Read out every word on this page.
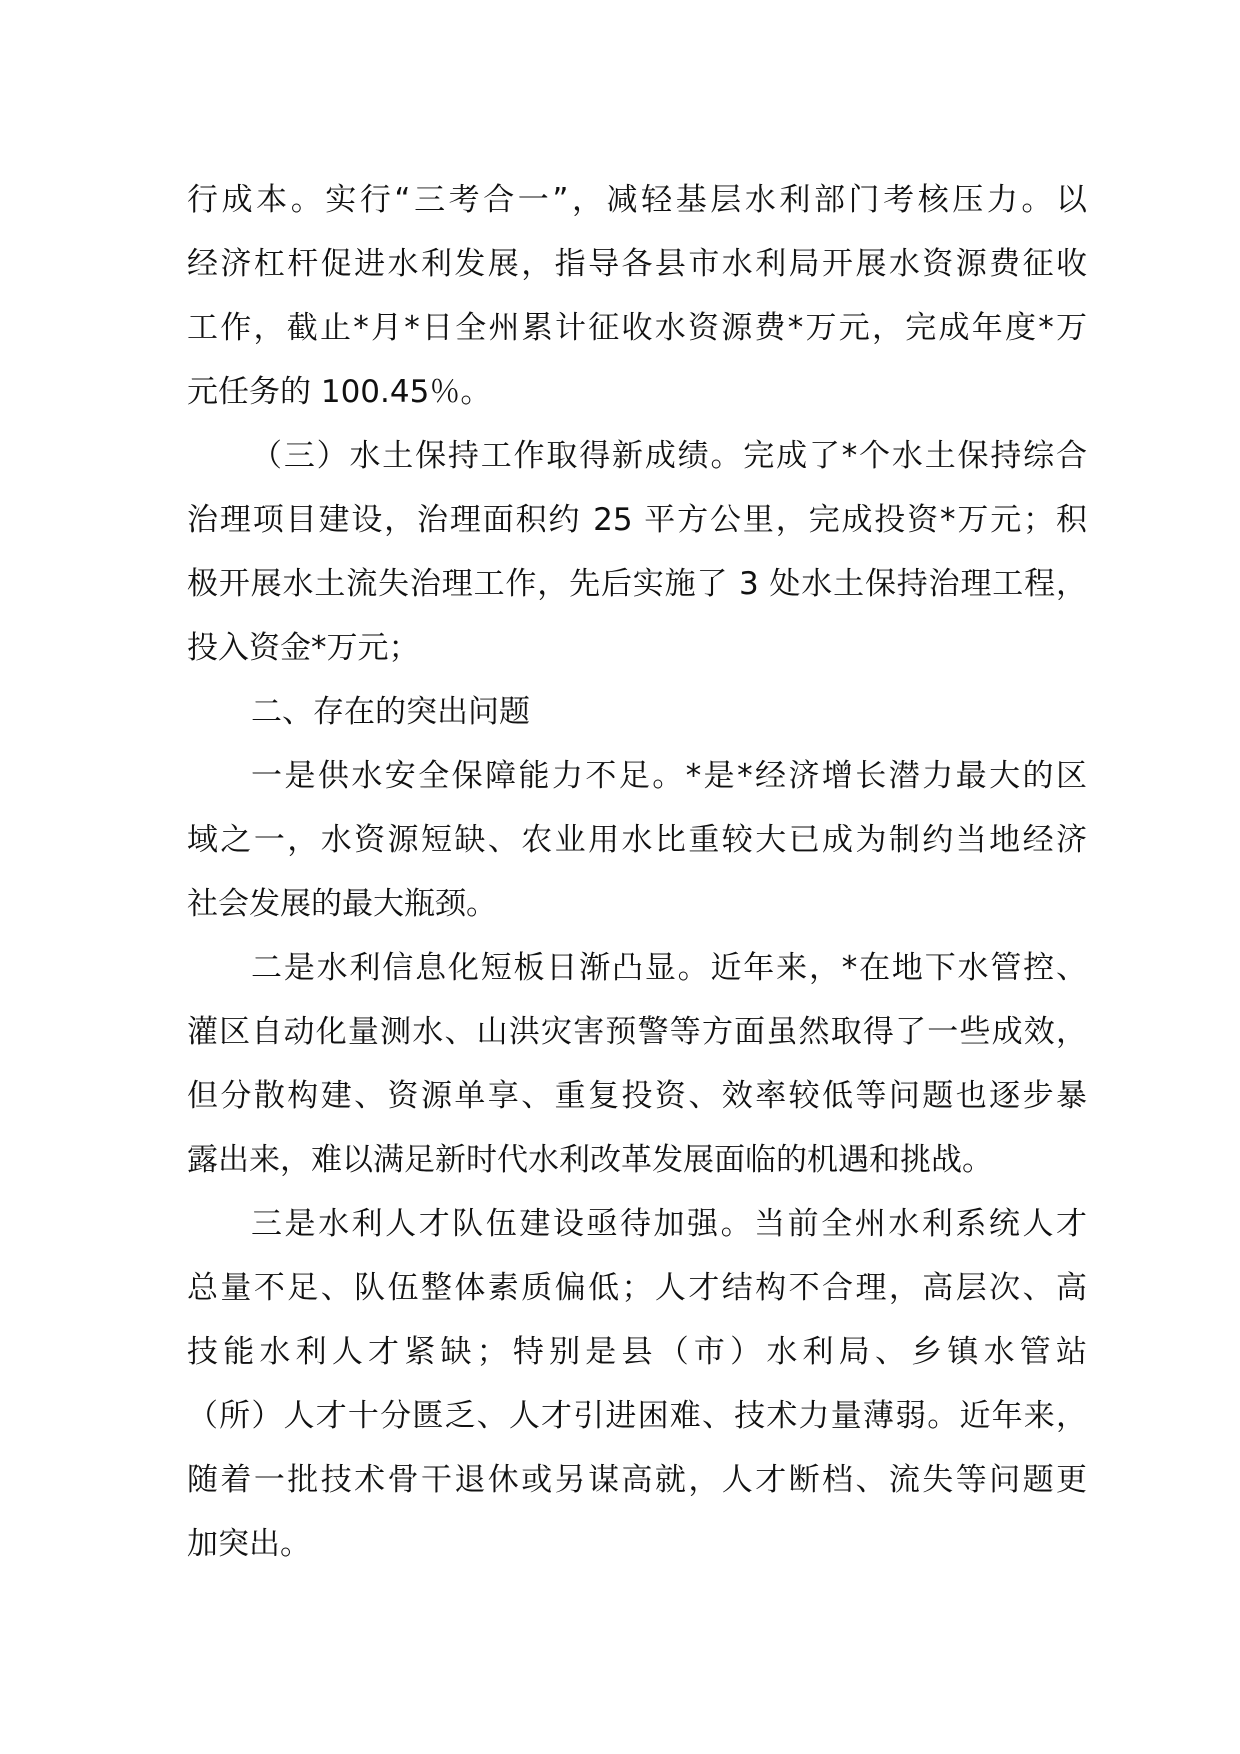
行成本。实行“三考合一”，减轻基层水利部门考核压力。以
经济杠杆促进水利发展，指导各县市水利局开展水资源费征收
工作，截止*月*日全州累计征收水资源费*万元，完成年度*万
元任务的 100.45％。
（三）水土保持工作取得新成绩。完成了*个水土保持综合
治理项目建设，治理面积约 25 平方公里，完成投资*万元；积
极开展水土流失治理工作，先后实施了 3 处水土保持治理工程，
投入资金*万元；
二、存在的突出问题
一是供水安全保障能力不足。*是*经济增长潜力最大的区
域之一，水资源短缺、农业用水比重较大已成为制约当地经济
社会发展的最大瓶颈。
二是水利信息化短板日渐凸显。近年来，*在地下水管控、
灌区自动化量测水、山洪灾害预警等方面虽然取得了一些成效，
但分散构建、资源单享、重复投资、效率较低等问题也逐步暴
露出来，难以满足新时代水利改革发展面临的机遇和挑战。
三是水利人才队伍建设亟待加强。当前全州水利系统人才
总量不足、队伍整体素质偏低；人才结构不合理，高层次、高
技能水利人才紧缺；特别是县（市）水利局、乡镇水管站
（所）人才十分匮乏、人才引进困难、技术力量薄弱。近年来，
随着一批技术骨干退休或另谋高就，人才断档、流失等问题更
加突出。
